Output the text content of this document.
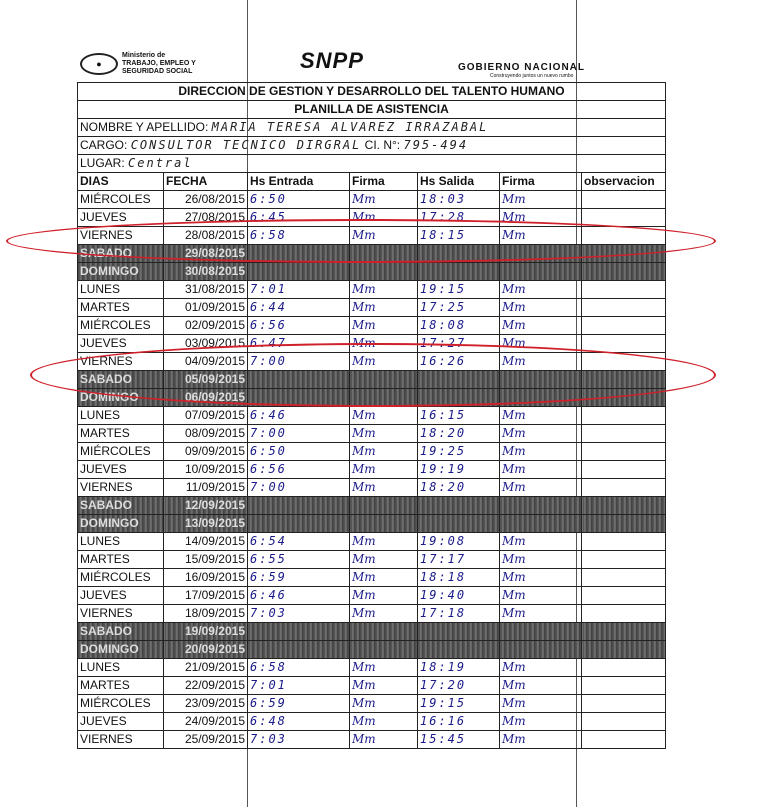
●
Ministerio de
TRABAJO, EMPLEO Y
SEGURIDAD SOCIAL	SNPP	GOBIERNO NACIONAL
Construyendo juntos un nuevo rumbo
DIRECCION DE GESTION Y DESARROLLO DEL TALENTO HUMANO						
PLANILLA DE ASISTENCIA						
NOMBRE Y APELLIDO: MARIA TERESA ALVAREZ IRRAZABAL						
CARGO: CONSULTOR TECNICO DIRGRAL CI. N°: 795-494						
LUGAR: Central						
DIAS	FECHA	Hs Entrada	Firma	Hs Salida	Firma	observacion
MIÉRCOLES	26/08/2015	6:50	Mm	18:03	Mm	
JUEVES	27/08/2015	6:45	Mm	17:28	Mm	
VIERNES	28/08/2015	6:58	Mm	18:15	Mm	
SABADO	29/08/2015					
DOMINGO	30/08/2015					
LUNES	31/08/2015	7:01	Mm	19:15	Mm	
MARTES	01/09/2015	6:44	Mm	17:25	Mm	
MIÉRCOLES	02/09/2015	6:56	Mm	18:08	Mm	
JUEVES	03/09/2015	6:47	Mm	17:27	Mm	
VIERNES	04/09/2015	7:00	Mm	16:26	Mm	
SABADO	05/09/2015					
DOMINGO	06/09/2015					
LUNES	07/09/2015	6:46	Mm	16:15	Mm	
MARTES	08/09/2015	7:00	Mm	18:20	Mm	
MIÉRCOLES	09/09/2015	6:50	Mm	19:25	Mm	
JUEVES	10/09/2015	6:56	Mm	19:19	Mm	
VIERNES	11/09/2015	7:00	Mm	18:20	Mm	
SABADO	12/09/2015					
DOMINGO	13/09/2015					
LUNES	14/09/2015	6:54	Mm	19:08	Mm	
MARTES	15/09/2015	6:55	Mm	17:17	Mm	
MIÉRCOLES	16/09/2015	6:59	Mm	18:18	Mm	
JUEVES	17/09/2015	6:46	Mm	19:40	Mm	
VIERNES	18/09/2015	7:03	Mm	17:18	Mm	
SABADO	19/09/2015					
DOMINGO	20/09/2015					
LUNES	21/09/2015	6:58	Mm	18:19	Mm	
MARTES	22/09/2015	7:01	Mm	17:20	Mm	
MIÉRCOLES	23/09/2015	6:59	Mm	19:15	Mm	
JUEVES	24/09/2015	6:48	Mm	16:16	Mm	
VIERNES	25/09/2015	7:03	Mm	15:45	Mm	
